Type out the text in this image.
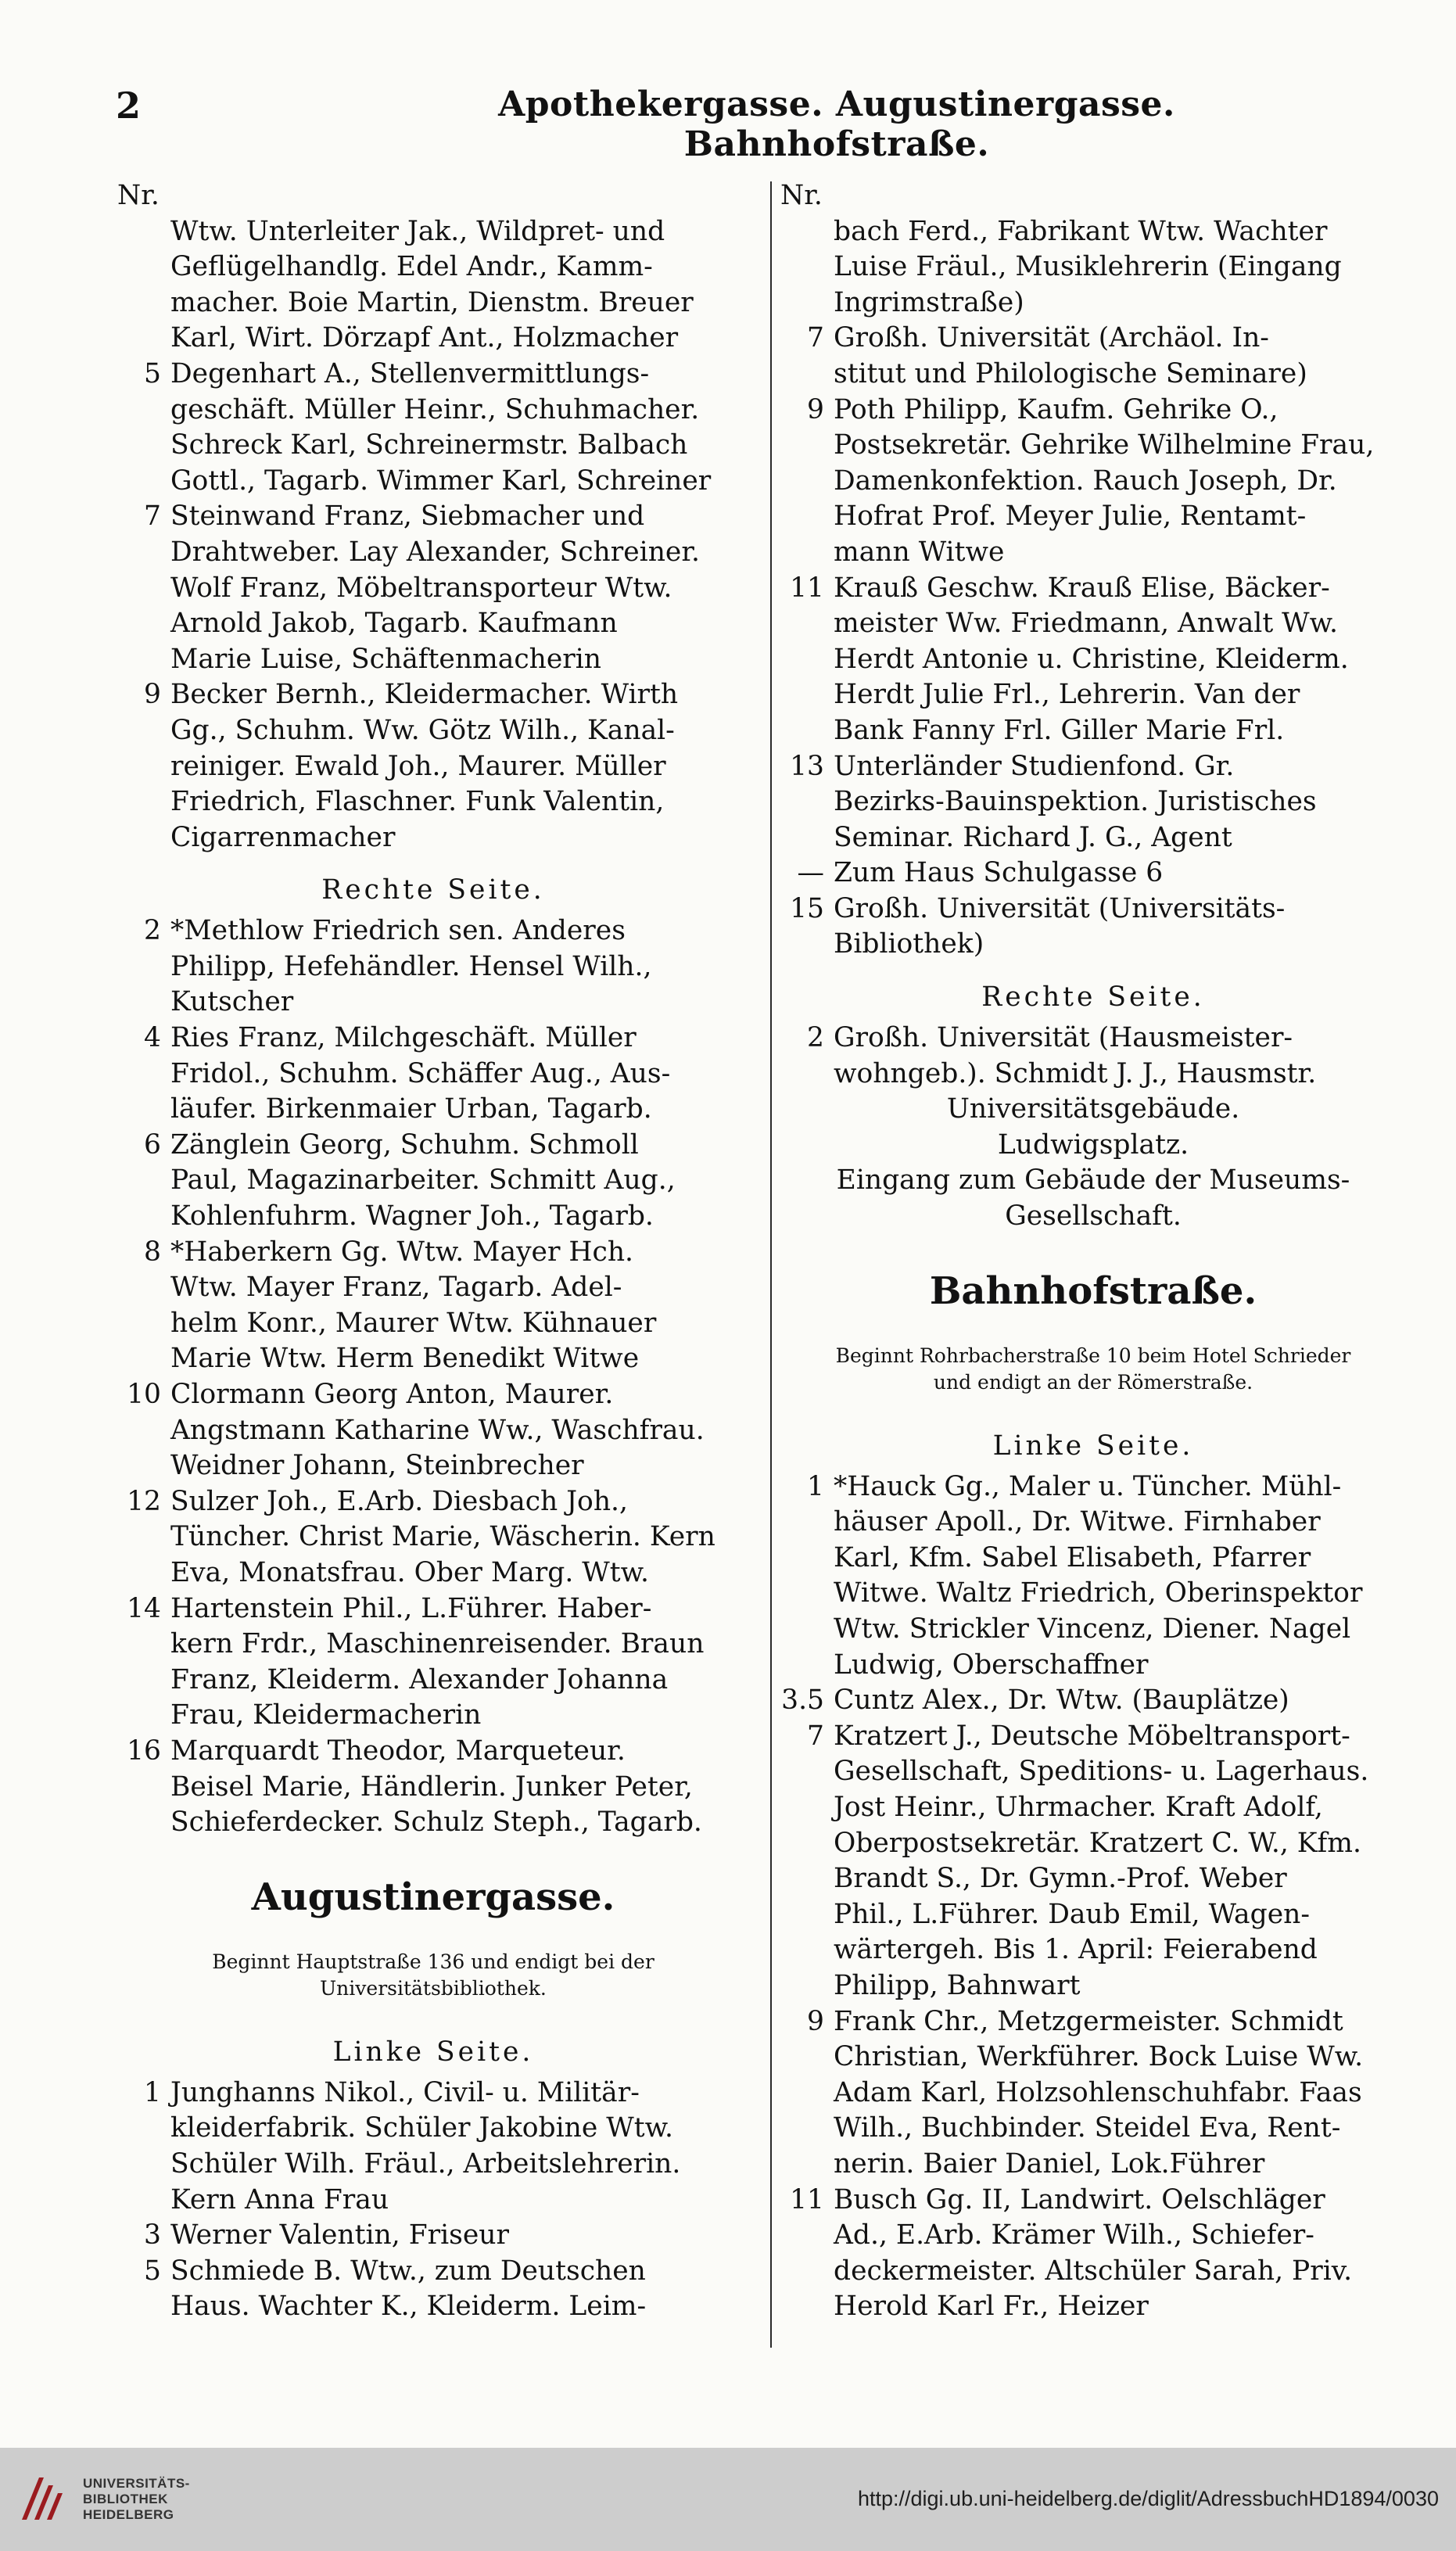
2	Apothekergasse. Augustinergasse. Bahnhofstraße.
Nr.
Wtw. Unterleiter Jak., Wildpret- und
Geflügelhandlg. Edel Andr., Kamm-
macher. Boie Martin, Dienstm. Breuer
Karl, Wirt. Dörzapf Ant., Holzmacher
5 Degenhart A., Stellenvermittlungs-
geschäft. Müller Heinr., Schuhmacher.
Schreck Karl, Schreinermstr. Balbach
Gottl., Tagarb. Wimmer Karl, Schreiner
7 Steinwand Franz, Siebmacher und
Drahtweber. Lay Alexander, Schreiner.
Wolf Franz, Möbeltransporteur Wtw.
Arnold Jakob, Tagarb. Kaufmann
Marie Luise, Schäftenmacherin
9 Becker Bernh., Kleidermacher. Wirth
Gg., Schuhm. Ww. Götz Wilh., Kanal-
reiniger. Ewald Joh., Maurer. Müller
Friedrich, Flaschner. Funk Valentin,
Cigarrenmacher
Rechte Seite.
2 *Methlow Friedrich sen. Anderes
Philipp, Hefehändler. Hensel Wilh.,
Kutscher
4 Ries Franz, Milchgeschäft. Müller
Fridol., Schuhm. Schäffer Aug., Aus-
läufer. Birkenmaier Urban, Tagarb.
6 Zänglein Georg, Schuhm. Schmoll
Paul, Magazinarbeiter. Schmitt Aug.,
Kohlenfuhrm. Wagner Joh., Tagarb.
8 *Haberkern Gg. Wtw. Mayer Hch.
Wtw. Mayer Franz, Tagarb. Adel-
helm Konr., Maurer Wtw. Kühnauer
Marie Wtw. Herm Benedikt Witwe
10 Clormann Georg Anton, Maurer.
Angstmann Katharine Ww., Waschfrau.
Weidner Johann, Steinbrecher
12 Sulzer Joh., E.Arb. Diesbach Joh.,
Tüncher. Christ Marie, Wäscherin. Kern
Eva, Monatsfrau. Ober Marg. Wtw.
14 Hartenstein Phil., L.Führer. Haber-
kern Frdr., Maschinenreisender. Braun
Franz, Kleiderm. Alexander Johanna
Frau, Kleidermacherin
16 Marquardt Theodor, Marqueteur.
Beisel Marie, Händlerin. Junker Peter,
Schieferdecker. Schulz Steph., Tagarb.
Augustinergasse.
Beginnt Hauptstraße 136 und endigt bei der
Universitätsbibliothek.
Linke Seite.
1 Junghanns Nikol., Civil- u. Militär-
kleiderfabrik. Schüler Jakobine Wtw.
Schüler Wilh. Fräul., Arbeitslehrerin.
Kern Anna Frau
3 Werner Valentin, Friseur
5 Schmiede B. Wtw., zum Deutschen
Haus. Wachter K., Kleiderm. Leim-
Nr.
bach Ferd., Fabrikant Wtw. Wachter
Luise Fräul., Musiklehrerin (Eingang
Ingrimstraße)
7 Großh. Universität (Archäol. In-
stitut und Philologische Seminare)
9 Poth Philipp, Kaufm. Gehrike O.,
Postsekretär. Gehrike Wilhelmine Frau,
Damenkonfektion. Rauch Joseph, Dr.
Hofrat Prof. Meyer Julie, Rentamt-
mann Witwe
11 Krauß Geschw. Krauß Elise, Bäcker-
meister Ww. Friedmann, Anwalt Ww.
Herdt Antonie u. Christine, Kleiderm.
Herdt Julie Frl., Lehrerin. Van der
Bank Fanny Frl. Giller Marie Frl.
13 Unterländer Studienfond. Gr.
Bezirks-Bauinspektion. Juristisches
Seminar. Richard J. G., Agent
— Zum Haus Schulgasse 6
15 Großh. Universität (Universitäts-
Bibliothek)
Rechte Seite.
2 Großh. Universität (Hausmeister-
wohngeb.). Schmidt J. J., Hausmstr.
Universitätsgebäude.
Ludwigsplatz.
Eingang zum Gebäude der Museums-
Gesellschaft.
Bahnhofstraße.
Beginnt Rohrbacherstraße 10 beim Hotel Schrieder
und endigt an der Römerstraße.
Linke Seite.
1 *Hauck Gg., Maler u. Tüncher. Mühl-
häuser Apoll., Dr. Witwe. Firnhaber
Karl, Kfm. Sabel Elisabeth, Pfarrer
Witwe. Waltz Friedrich, Oberinspektor
Wtw. Strickler Vincenz, Diener. Nagel
Ludwig, Oberschaffner
3.5 Cuntz Alex., Dr. Wtw. (Bauplätze)
7 Kratzert J., Deutsche Möbeltransport-
Gesellschaft, Speditions- u. Lagerhaus.
Jost Heinr., Uhrmacher. Kraft Adolf,
Oberpostsekretär. Kratzert C. W., Kfm.
Brandt S., Dr. Gymn.-Prof. Weber
Phil., L.Führer. Daub Emil, Wagen-
wärtergeh. Bis 1. April: Feierabend
Philipp, Bahnwart
9 Frank Chr., Metzgermeister. Schmidt
Christian, Werkführer. Bock Luise Ww.
Adam Karl, Holzsohlenschuhfabr. Faas
Wilh., Buchbinder. Steidel Eva, Rent-
nerin. Baier Daniel, Lok.Führer
11 Busch Gg. II, Landwirt. Oelschläger
Ad., E.Arb. Krämer Wilh., Schiefer-
deckermeister. Altschüler Sarah, Priv.
Herold Karl Fr., Heizer
UNIVERSITÄTS-
BIBLIOTHEK
HEIDELBERG
http://digi.ub.uni-heidelberg.de/diglit/AdressbuchHD1894/0030
